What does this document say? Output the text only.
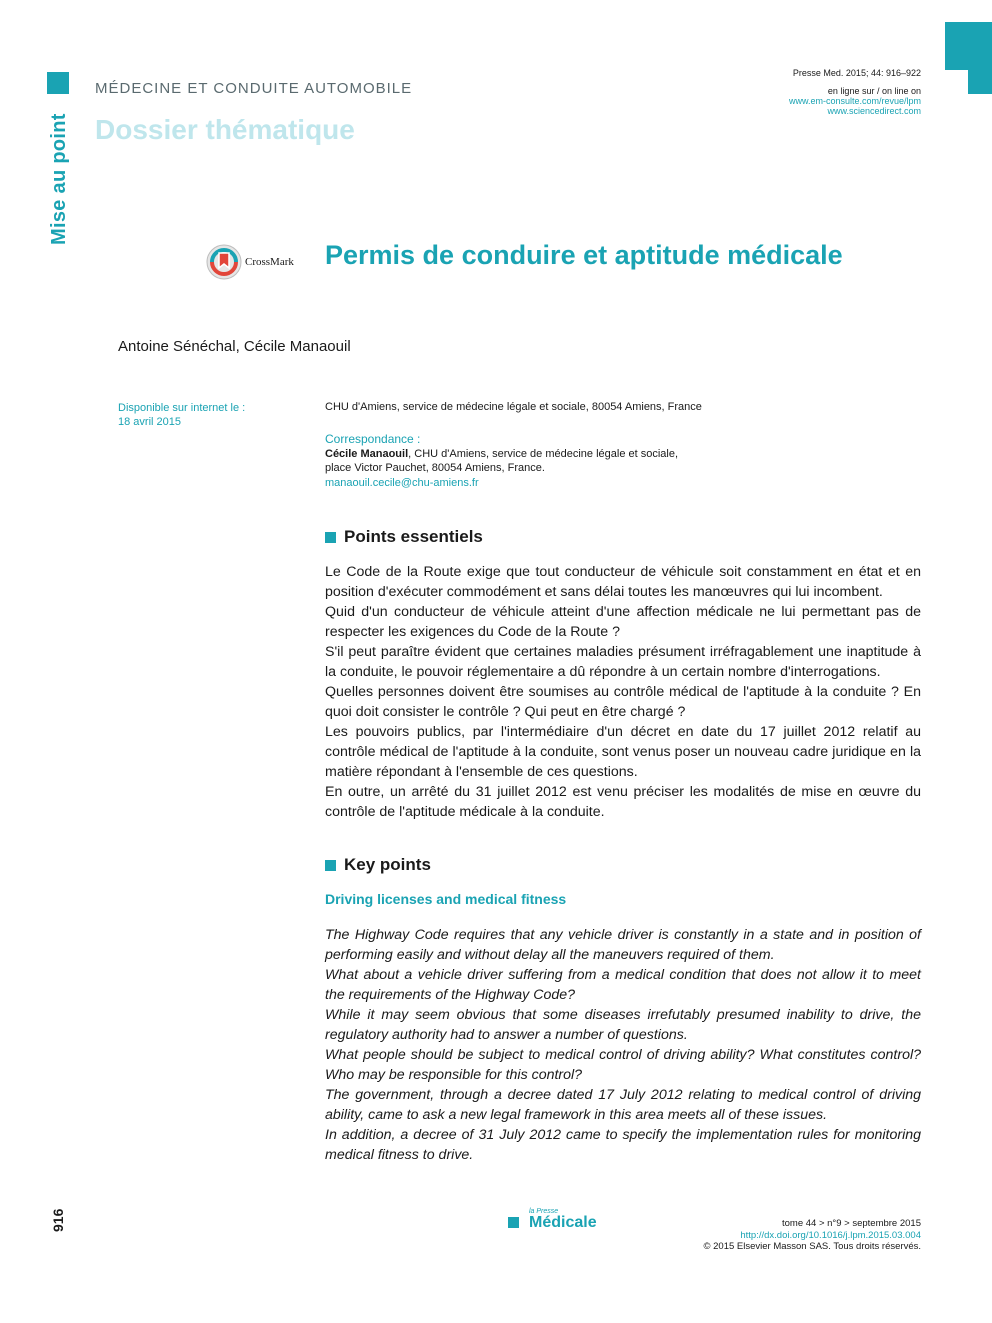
Mise au point
916
MÉDECINE ET CONDUITE AUTOMOBILE
Dossier thématique
Presse Med. 2015; 44: 916–922
en ligne sur / on line on
www.em-consulte.com/revue/lpm
www.sciencedirect.com
CrossMark Permis de conduire et aptitude médicale
Antoine Sénéchal, Cécile Manaouil
Disponible sur internet le :
18 avril 2015
CHU d'Amiens, service de médecine légale et sociale, 80054 Amiens, France
Correspondance :
Cécile Manaouil, CHU d'Amiens, service de médecine légale et sociale,
place Victor Pauchet, 80054 Amiens, France.
manaouil.cecile@chu-amiens.fr
Points essentiels

Le Code de la Route exige que tout conducteur de véhicule soit constamment en état et en position d'exécuter commodément et sans délai toutes les manœuvres qui lui incombent.

Quid d'un conducteur de véhicule atteint d'une affection médicale ne lui permettant pas de respecter les exigences du Code de la Route ?

S'il peut paraître évident que certaines maladies présument irréfragablement une inaptitude à la conduite, le pouvoir réglementaire a dû répondre à un certain nombre d'interrogations.

Quelles personnes doivent être soumises au contrôle médical de l'aptitude à la conduite ? En quoi doit consister le contrôle ? Qui peut en être chargé ?

Les pouvoirs publics, par l'intermédiaire d'un décret en date du 17 juillet 2012 relatif au contrôle médical de l'aptitude à la conduite, sont venus poser un nouveau cadre juridique en la matière répondant à l'ensemble de ces questions.

En outre, un arrêté du 31 juillet 2012 est venu préciser les modalités de mise en œuvre du contrôle de l'aptitude médicale à la conduite.

Key points
Driving licenses and medical fitness

The Highway Code requires that any vehicle driver is constantly in a state and in position of performing easily and without delay all the maneuvers required of them.

What about a vehicle driver suffering from a medical condition that does not allow it to meet the requirements of the Highway Code?

While it may seem obvious that some diseases irrefutably presumed inability to drive, the regulatory authority had to answer a number of questions.

What people should be subject to medical control of driving ability? What constitutes control? Who may be responsible for this control?

The government, through a decree dated 17 July 2012 relating to medical control of driving ability, came to ask a new legal framework in this area meets all of these issues.

In addition, a decree of 31 July 2012 came to specify the implementation rules for monitoring medical fitness to drive.

la Presse
Médicale	tome 44 > n°9 > septembre 2015
http://dx.doi.org/10.1016/j.lpm.2015.03.004
© 2015 Elsevier Masson SAS. Tous droits réservés.
